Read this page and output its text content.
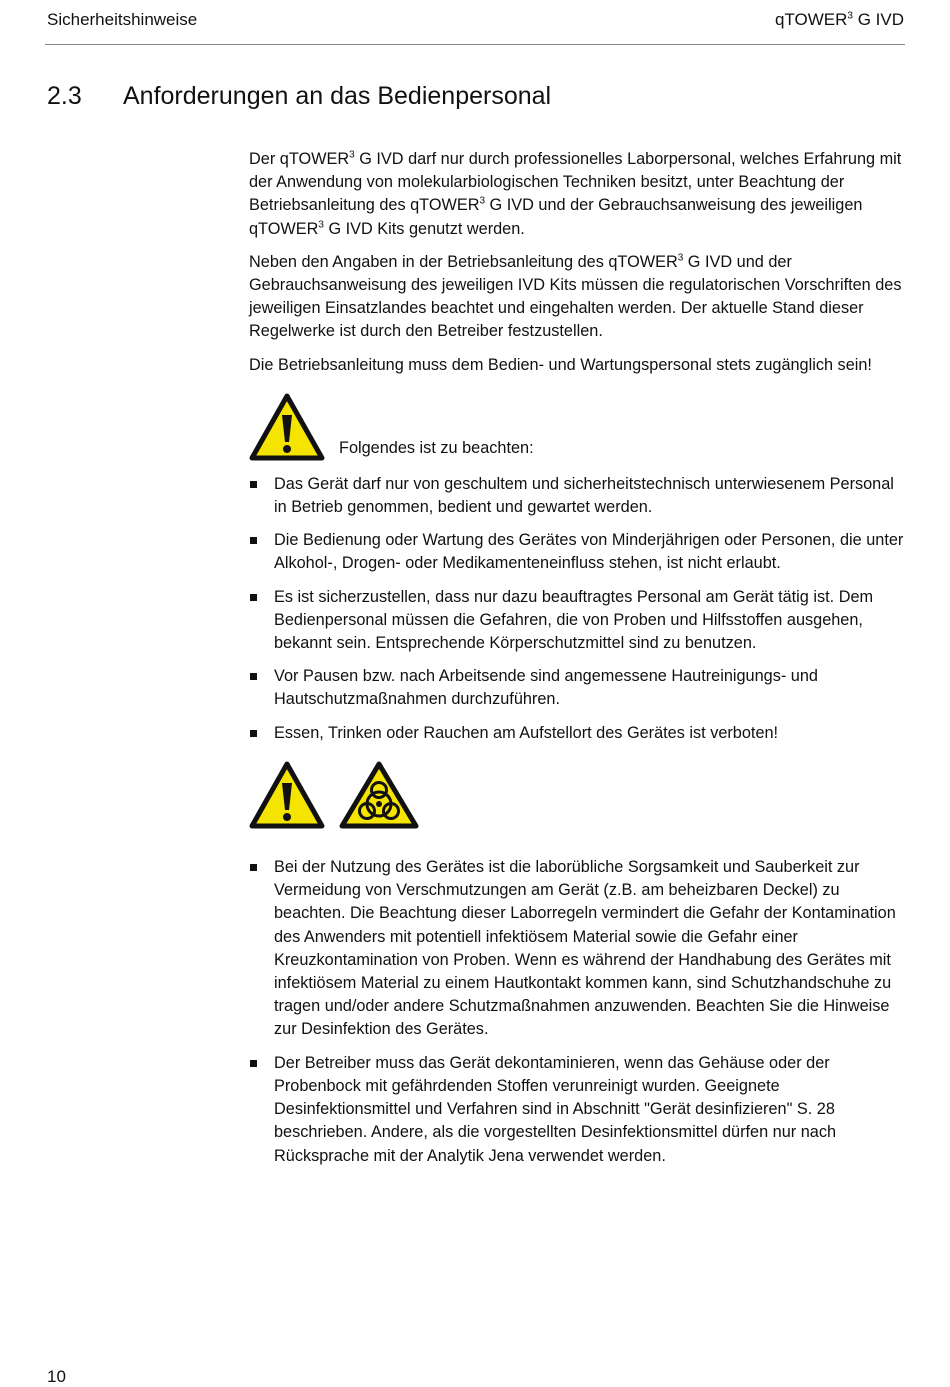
Sicherheitshinweise	qTOWER$^3$ G IVD
2.3 Anforderungen an das Bedienpersonal

Der qTOWER$^3$ G IVD darf nur durch professionelles Laborpersonal, welches Erfahrung mit der Anwendung von molekularbiologischen Techniken besitzt, unter Beachtung der Betriebsanleitung des qTOWER$^3$ G IVD und der Gebrauchsanweisung des jeweiligen qTOWER$^3$ G IVD Kits genutzt werden.

Neben den Angaben in der Betriebsanleitung des qTOWER$^3$ G IVD und der Gebrauchsanweisung des jeweiligen IVD Kits müssen die regulatorischen Vorschriften des jeweiligen Einsatzlandes beachtet und eingehalten werden. Der aktuelle Stand dieser Regelwerke ist durch den Betreiber festzustellen.

Die Betriebsanleitung muss dem Bedien- und Wartungspersonal stets zugänglich sein!

Folgendes ist zu beachten:
Das Gerät darf nur von geschultem und sicherheitstechnisch unterwiesenem Personal in Betrieb genommen, bedient und gewartet werden.
Die Bedienung oder Wartung des Gerätes von Minderjährigen oder Personen, die unter Alkohol-, Drogen- oder Medikamenteneinfluss stehen, ist nicht erlaubt.
Es ist sicherzustellen, dass nur dazu beauftragtes Personal am Gerät tätig ist. Dem Bedienpersonal müssen die Gefahren, die von Proben und Hilfsstoffen ausgehen, bekannt sein. Entsprechende Körperschutzmittel sind zu benutzen.
Vor Pausen bzw. nach Arbeitsende sind angemessene Hautreinigungs- und Hautschutzmaßnahmen durchzuführen.
Essen, Trinken oder Rauchen am Aufstellort des Gerätes ist verboten!
Bei der Nutzung des Gerätes ist die laborübliche Sorgsamkeit und Sauberkeit zur Vermeidung von Verschmutzungen am Gerät (z.B. am beheizbaren Deckel) zu beachten. Die Beachtung dieser Laborregeln vermindert die Gefahr der Kontamination des Anwenders mit potentiell infektiösem Material sowie die Gefahr einer Kreuzkontamination von Proben. Wenn es während der Handhabung des Gerätes mit infektiösem Material zu einem Hautkontakt kommen kann, sind Schutzhandschuhe zu tragen und/oder andere Schutzmaßnahmen anzuwenden. Beachten Sie die Hinweise zur Desinfektion des Gerätes.
Der Betreiber muss das Gerät dekontaminieren, wenn das Gehäuse oder der Probenbock mit gefährdenden Stoffen verunreinigt wurden. Geeignete Desinfektionsmittel und Verfahren sind in Abschnitt "Gerät desinfizieren" S. 28 beschrieben. Andere, als die vorgestellten Desinfektionsmittel dürfen nur nach Rücksprache mit der Analytik Jena verwendet werden.
10
